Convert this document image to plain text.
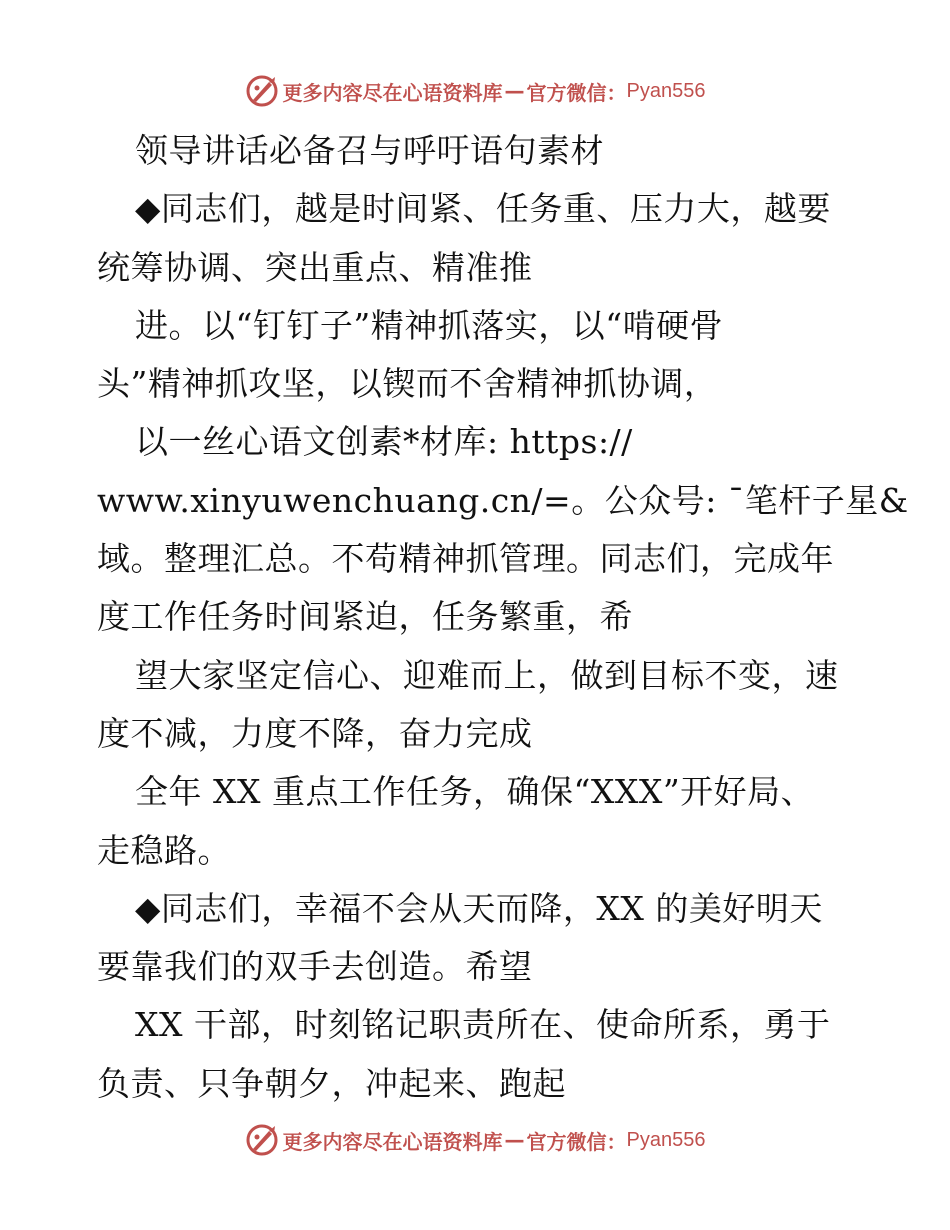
更多内容尽在心语资料库 — 官方微信： Pyan556
领导讲话必备召与呼吁语句素材
◆同志们，越是时间紧、任务重、压力大，越要
统筹协调、突出重点、精准推
进。以“钉钉子”精神抓落实，以“啃硬骨
头”精神抓攻坚，以锲而不舍精神抓协调，
以一丝心语文创素*材库: https://
www.xinyuwenchuang.cn/=。公众号: ¯笔杆子星&
域。整理汇总。不苟精神抓管理。同志们，完成年
度工作任务时间紧迫，任务繁重，希
望大家坚定信心、迎难而上，做到目标不变，速
度不减，力度不降，奋力完成
全年 XX 重点工作任务，确保“XXX”开好局、
走稳路。
◆同志们，幸福不会从天而降，XX 的美好明天
要靠我们的双手去创造。希望
XX 干部，时刻铭记职责所在、使命所系，勇于
负责、只争朝夕，冲起来、跑起
更多内容尽在心语资料库 — 官方微信： Pyan556
